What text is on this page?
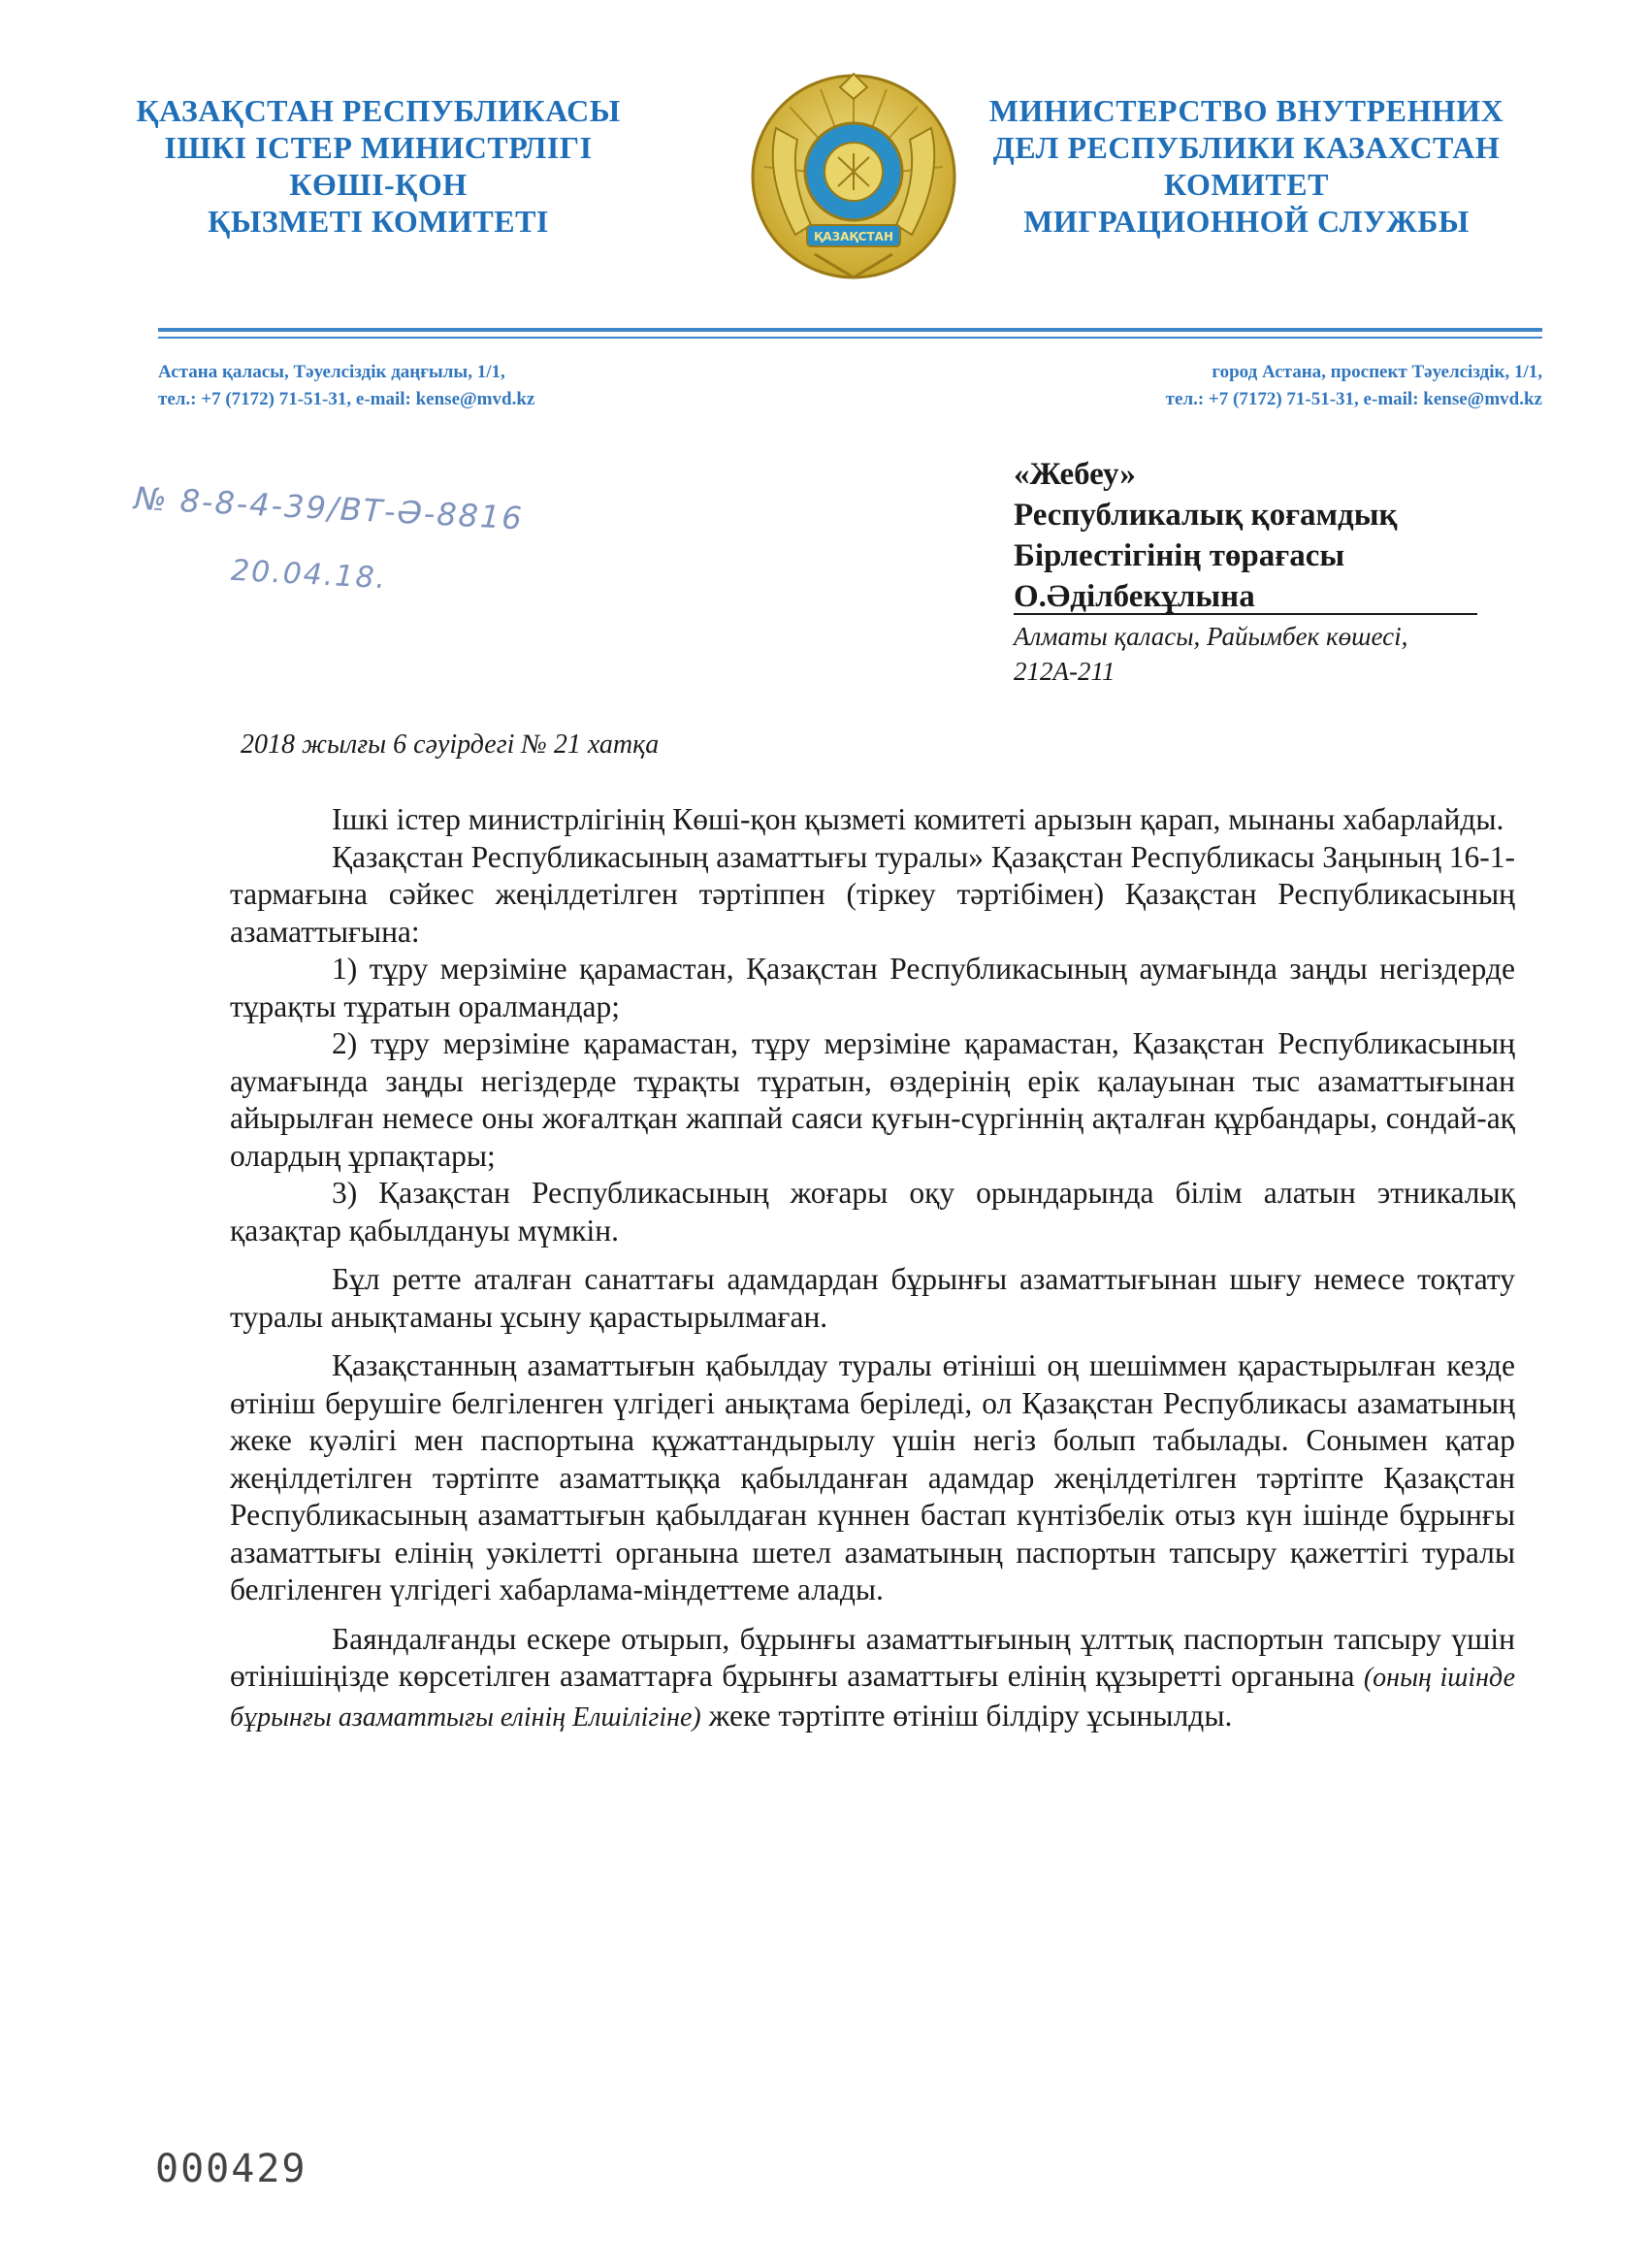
ҚАЗАҚСТАН РЕСПУБЛИКАСЫ
ІШКІ ІСТЕР МИНИСТРЛІГІ
КӨШІ-ҚОН
ҚЫЗМЕТІ КОМИТЕТІ	ҚАЗАҚСТАН
МИНИСТЕРСТВО ВНУТРЕННИХ
ДЕЛ РЕСПУБЛИКИ КАЗАХСТАН
КОМИТЕТ
МИГРАЦИОННОЙ СЛУЖБЫ
Астана қаласы, Тәуелсіздік даңғылы, 1/1,
тел.: +7 (7172) 71-51-31, e-mail: kense@mvd.kz
город Астана, проспект Тәуелсіздік, 1/1,
тел.: +7 (7172) 71-51-31, e-mail: kense@mvd.kz
№ 8-8-4-39/ВТ-Ә-8816
20.04.18.
«Жебеу»
Республикалық қоғамдық
Бірлестігінің төрағасы
О.Әділбекұлына
Алматы қаласы, Райымбек көшесі,
212А-211
2018 жылғы 6 сәуірдегі № 21 хатқа

Ішкі істер министрлігінің Көші-қон қызметі комитеті арызын қарап, мынаны хабарлайды.

Қазақстан Республикасының азаматтығы туралы» Қазақстан Республикасы Заңының 16-1-тармағына сәйкес жеңілдетілген тәртіппен (тіркеу тәртібімен) Қазақстан Республикасының азаматтығына:

1) тұру мерзіміне қарамастан, Қазақстан Республикасының аумағында заңды негіздерде тұрақты тұратын оралмандар;

2) тұру мерзіміне қарамастан, тұру мерзіміне қарамастан, Қазақстан Республикасының аумағында заңды негіздерде тұрақты тұратын, өздерінің ерік қалауынан тыс азаматтығынан айырылған немесе оны жоғалтқан жаппай саяси қуғын-сүргіннің ақталған құрбандары, сондай-ақ олардың ұрпақтары;

3) Қазақстан Республикасының жоғары оқу орындарында білім алатын этникалық қазақтар қабылдануы мүмкін.

Бұл ретте аталған санаттағы адамдардан бұрынғы азаматтығынан шығу немесе тоқтату туралы анықтаманы ұсыну қарастырылмаған.

Қазақстанның азаматтығын қабылдау туралы өтініші оң шешіммен қарастырылған кезде өтініш берушіге белгіленген үлгідегі анықтама беріледі, ол Қазақстан Республикасы азаматының жеке куәлігі мен паспортына құжаттандырылу үшін негіз болып табылады. Сонымен қатар жеңілдетілген тәртіпте азаматтыққа қабылданған адамдар жеңілдетілген тәртіпте Қазақстан Республикасының азаматтығын қабылдаған күннен бастап күнтізбелік отыз күн ішінде бұрынғы азаматтығы елінің уәкілетті органына шетел азаматының паспортын тапсыру қажеттігі туралы белгіленген үлгідегі хабарлама-міндеттеме алады.

Баяндалғанды ескере отырып, бұрынғы азаматтығының ұлттық паспортын тапсыру үшін өтінішіңізде көрсетілген азаматтарға бұрынғы азаматтығы елінің құзыретті органына (оның ішінде бұрынғы азаматтығы елінің Елшілігіне) жеке тәртіпте өтініш білдіру ұсынылды.

000429
